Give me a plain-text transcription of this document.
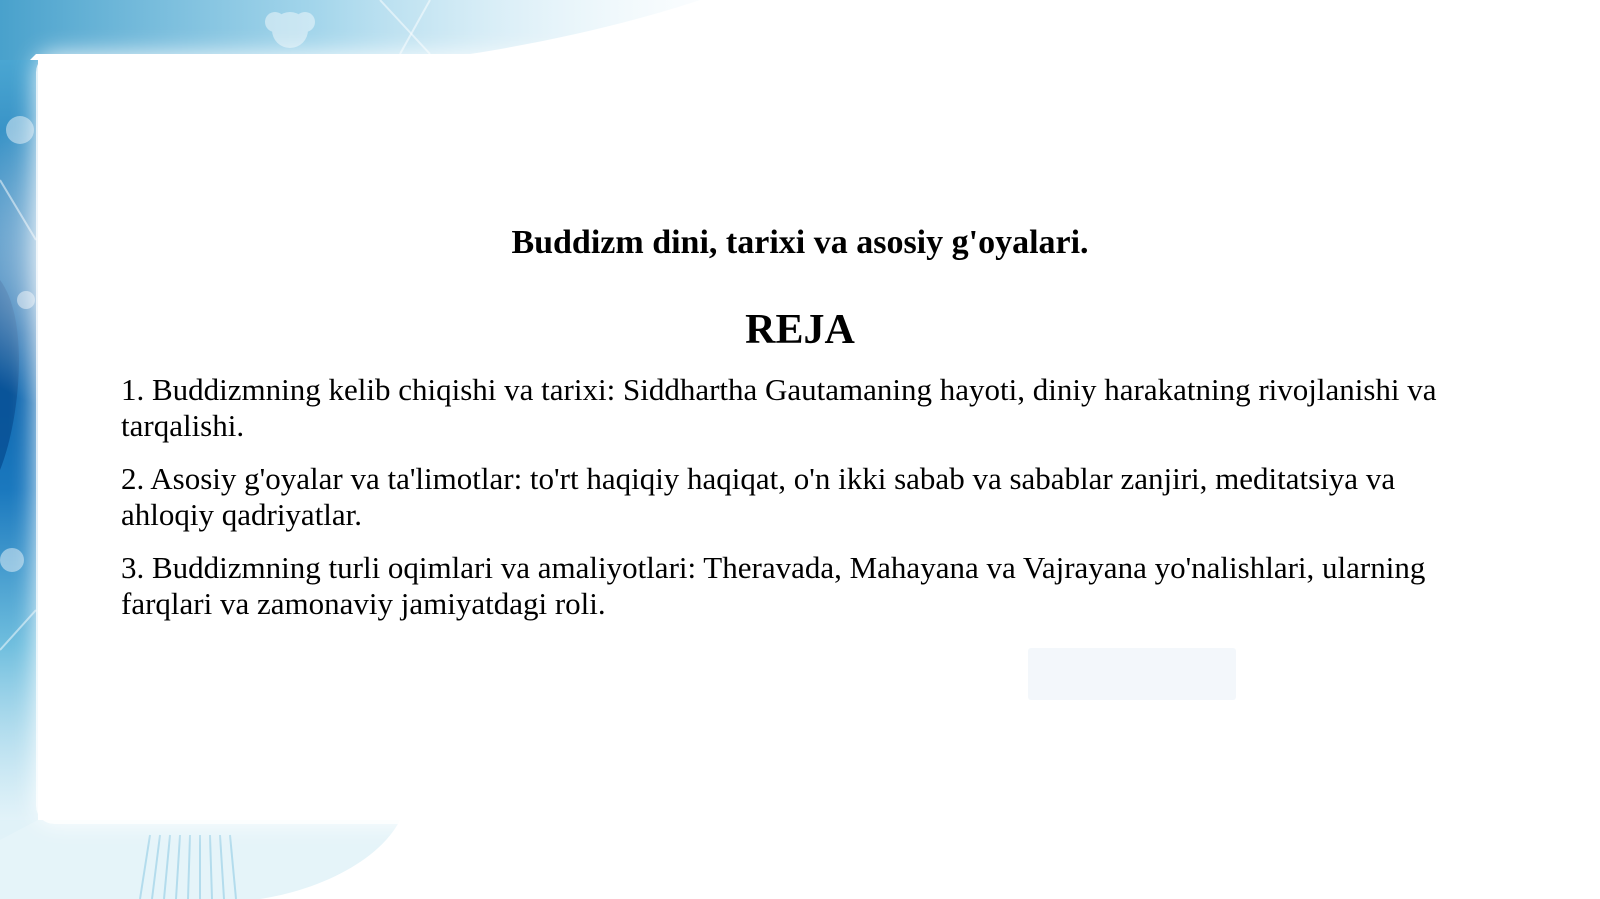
Buddizm dini, tarixi va asosiy g'oyalari.
REJA
1. Buddizmning kelib chiqishi va tarixi: Siddhartha Gautamaning hayoti, diniy harakatning rivojlanishi va tarqalishi.
2. Asosiy g'oyalar va ta'limotlar: to'rt haqiqiy haqiqat, o'n ikki sabab va sabablar zanjiri, meditatsiya va ahloqiy qadriyatlar.
3. Buddizmning turli oqimlari va amaliyotlari: Theravada, Mahayana va Vajrayana yo'nalishlari, ularning farqlari va zamonaviy jamiyatdagi roli.
